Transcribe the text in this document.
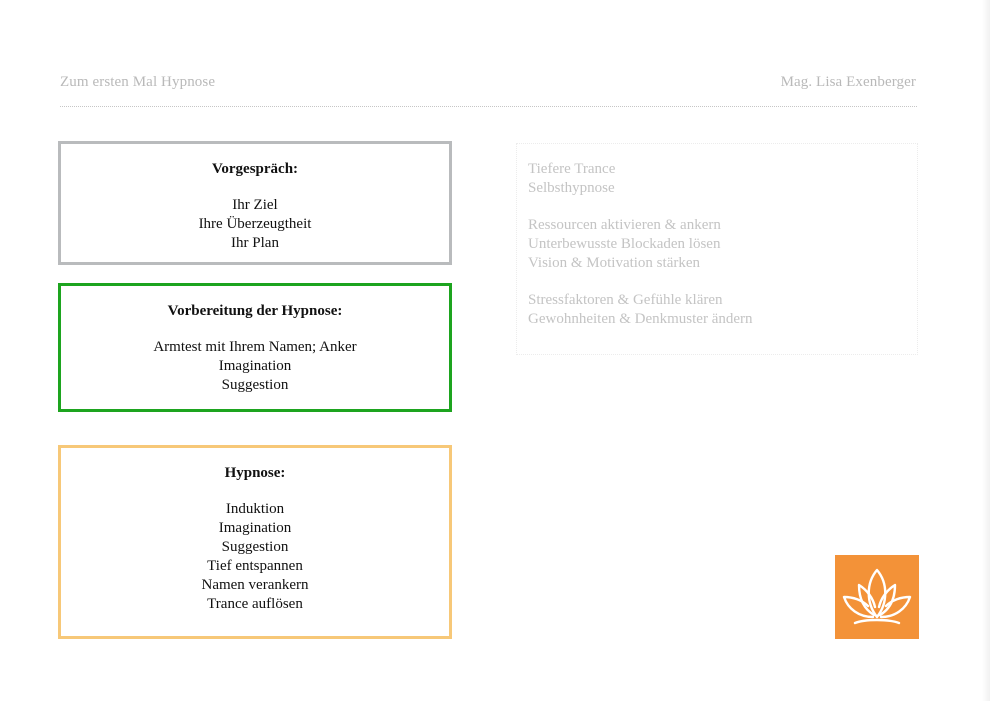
Zum ersten Mal Hypnose	Mag. Lisa Exenberger
Vorgespräch:
Ihr Ziel
Ihre Überzeugtheit
Ihr Plan
Vorbereitung der Hypnose:
Armtest mit Ihrem Namen; Anker
Imagination
Suggestion
Hypnose:
Induktion
Imagination
Suggestion
Tief entspannen
Namen verankern
Trance auflösen
Tiefere Trance
Selbsthypnose
Ressourcen aktivieren & ankern
Unterbewusste Blockaden lösen
Vision & Motivation stärken
Stressfaktoren & Gefühle klären
Gewohnheiten & Denkmuster ändern
